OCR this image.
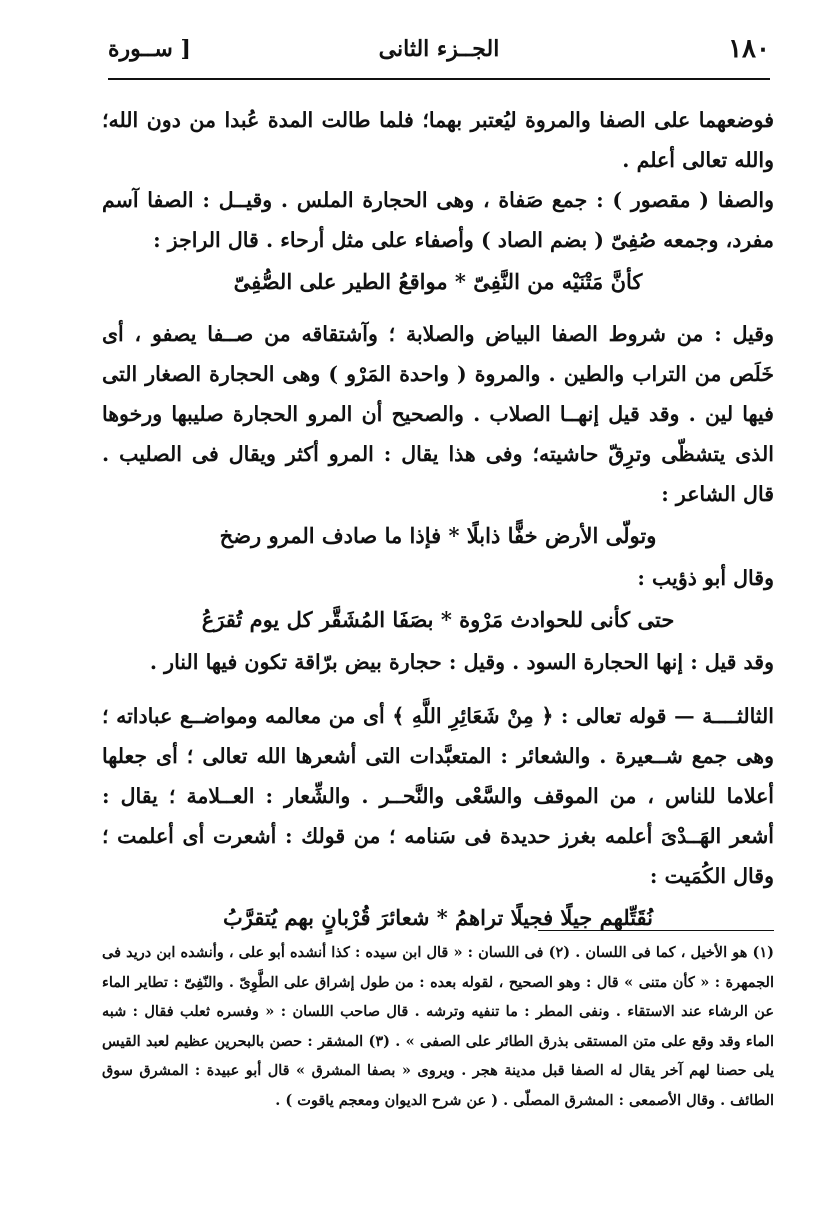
١٨٠
الجــزء الثانى
[ ســورة

فوضعهما على الصفا والمروة ليُعتبر بهما؛ فلما طالت المدة عُبدا من دون الله؛ والله تعالى أعلم .

والصفا ( مقصور ) : جمع صَفاة ، وهى الحجارة الملس . وقيــل : الصفا آسم مفرد، وجمعه صُفِىّ ( بضم الصاد ) وأصفاء على مثل أرحاء . قال الراجز :

كأنَّ مَتْنَيْه من النَّفِىّ * مواقعُ الطير على الصُّفِىّ

وقيل : من شروط الصفا البياض والصلابة ؛ وآشتقاقه من صــفا يصفو ، أى خَلَص من التراب والطين . والمروة ( واحدة المَرْو ) وهى الحجارة الصغار التى فيها لين . وقد قيل إنهــا الصلاب . والصحيح أن المرو الحجارة صليبها ورخوها الذى يتشظّى وترِقّ حاشيته؛ وفى هذا يقال : المرو أكثر ويقال فى الصليب . قال الشاعر :

وتولّى الأرض خفًّا ذابلًا * فإذا ما صادف المرو رضخ

وقال أبو ذؤيب :

حتى كأنى للحوادث مَرْوة * بصَفَا المُشَقَّر كل يوم تُقرَعُ

وقد قيل : إنها الحجارة السود . وقيل : حجارة بيض برّاقة تكون فيها النار .

الثالثــــة — قوله تعالى : ﴿ مِنْ شَعَائِرِ اللَّهِ ﴾ أى من معالمه ومواضــع عباداته ؛ وهى جمع شــعيرة . والشعائر : المتعبَّدات التى أشعرها الله تعالى ؛ أى جعلها أعلاما للناس ، من الموقف والسَّعْى والنَّحــر . والشِّعار : العــلامة ؛ يقال : أشعر الهَــدْىَ أعلمه بغرز حديدة فى سَنامه ؛ من قولك : أشعرت أى أعلمت ؛ وقال الكُمَيت :

نُقَتِّلهم جيلًا فجيلًا تراهمُ * شعائرَ قُرْبانٍ بهم يُتقرَّبُ

(١) هو الأخيل ، كما فى اللسان . (٢) فى اللسان : « قال ابن سيده : كذا أنشده أبو على ، وأنشده ابن دريد فى الجمهرة : « كأن متنى » قال : وهو الصحيح ، لقوله بعده : من طول إشراق على الطَّوِىّ . والنّفِىّ : تطاير الماء عن الرشاء عند الاستقاء . ونفى المطر : ما تنفيه وترشه . قال صاحب اللسان : « وفسره ثعلب فقال : شبه الماء وقد وقع على متن المستقى بذرق الطائر على الصفى » . (٣) المشقر : حصن بالبحرين عظيم لعبد القيس يلى حصنا لهم آخر يقال له الصفا قبل مدينة هجر . ويروى « بصفا المشرق » قال أبو عبيدة : المشرق سوق الطائف . وقال الأصمعى : المشرق المصلّى . ( عن شرح الديوان ومعجم ياقوت ) .
